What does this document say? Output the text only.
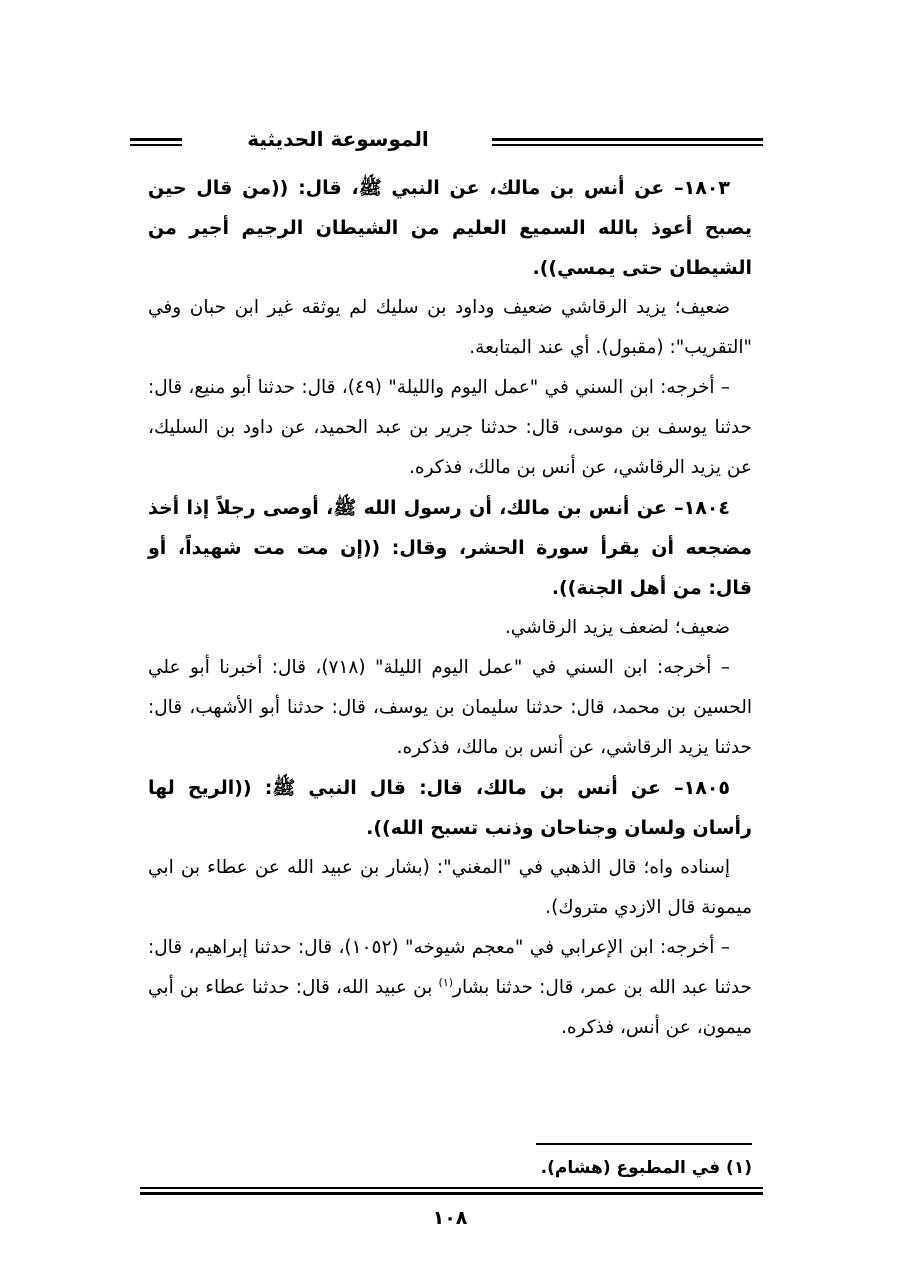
الموسوعة الحديثية

١٨٠٣– عن أنس بن مالك، عن النبي ﷺ، قال: ((من قال حين يصبح أعوذ بالله السميع العليم من الشيطان الرجيم أجير من الشيطان حتى يمسي)).

ضعيف؛ يزيد الرقاشي ضعيف وداود بن سليك لم يوثقه غير ابن حبان وفي "التقريب": (مقبول). أي عند المتابعة.

– أخرجه: ابن السني في "عمل اليوم والليلة" (٤٩)، قال: حدثنا أبو منيع، قال: حدثنا يوسف بن موسى، قال: حدثنا جرير بن عبد الحميد، عن داود بن السليك، عن يزيد الرقاشي، عن أنس بن مالك، فذكره.

١٨٠٤– عن أنس بن مالك، أن رسول الله ﷺ، أوصى رجلاً إذا أخذ مضجعه أن يقرأ سورة الحشر، وقال: ((إن مت مت شهيداً، أو قال: من أهل الجنة)).

ضعيف؛ لضعف يزيد الرقاشي.

– أخرجه: ابن السني في "عمل اليوم الليلة" (٧١٨)، قال: أخبرنا أبو علي الحسين بن محمد، قال: حدثنا سليمان بن يوسف، قال: حدثنا أبو الأشهب، قال: حدثنا يزيد الرقاشي، عن أنس بن مالك، فذكره.

١٨٠٥– عن أنس بن مالك، قال: قال النبي ﷺ: ((الريح لها رأسان ولسان وجناحان وذنب تسبح الله)).

إسناده واه؛ قال الذهبي في "المغني": (بشار بن عبيد الله عن عطاء بن ابي ميمونة قال الازدي متروك).

– أخرجه: ابن الإعرابي في "معجم شيوخه" (١٠٥٢)، قال: حدثنا إبراهيم، قال: حدثنا عبد الله بن عمر، قال: حدثنا بشار$^{(١)}$ بن عبيد الله، قال: حدثنا عطاء بن أبي ميمون، عن أنس، فذكره.

(١) في المطبوع (هشام).
١٠٨
